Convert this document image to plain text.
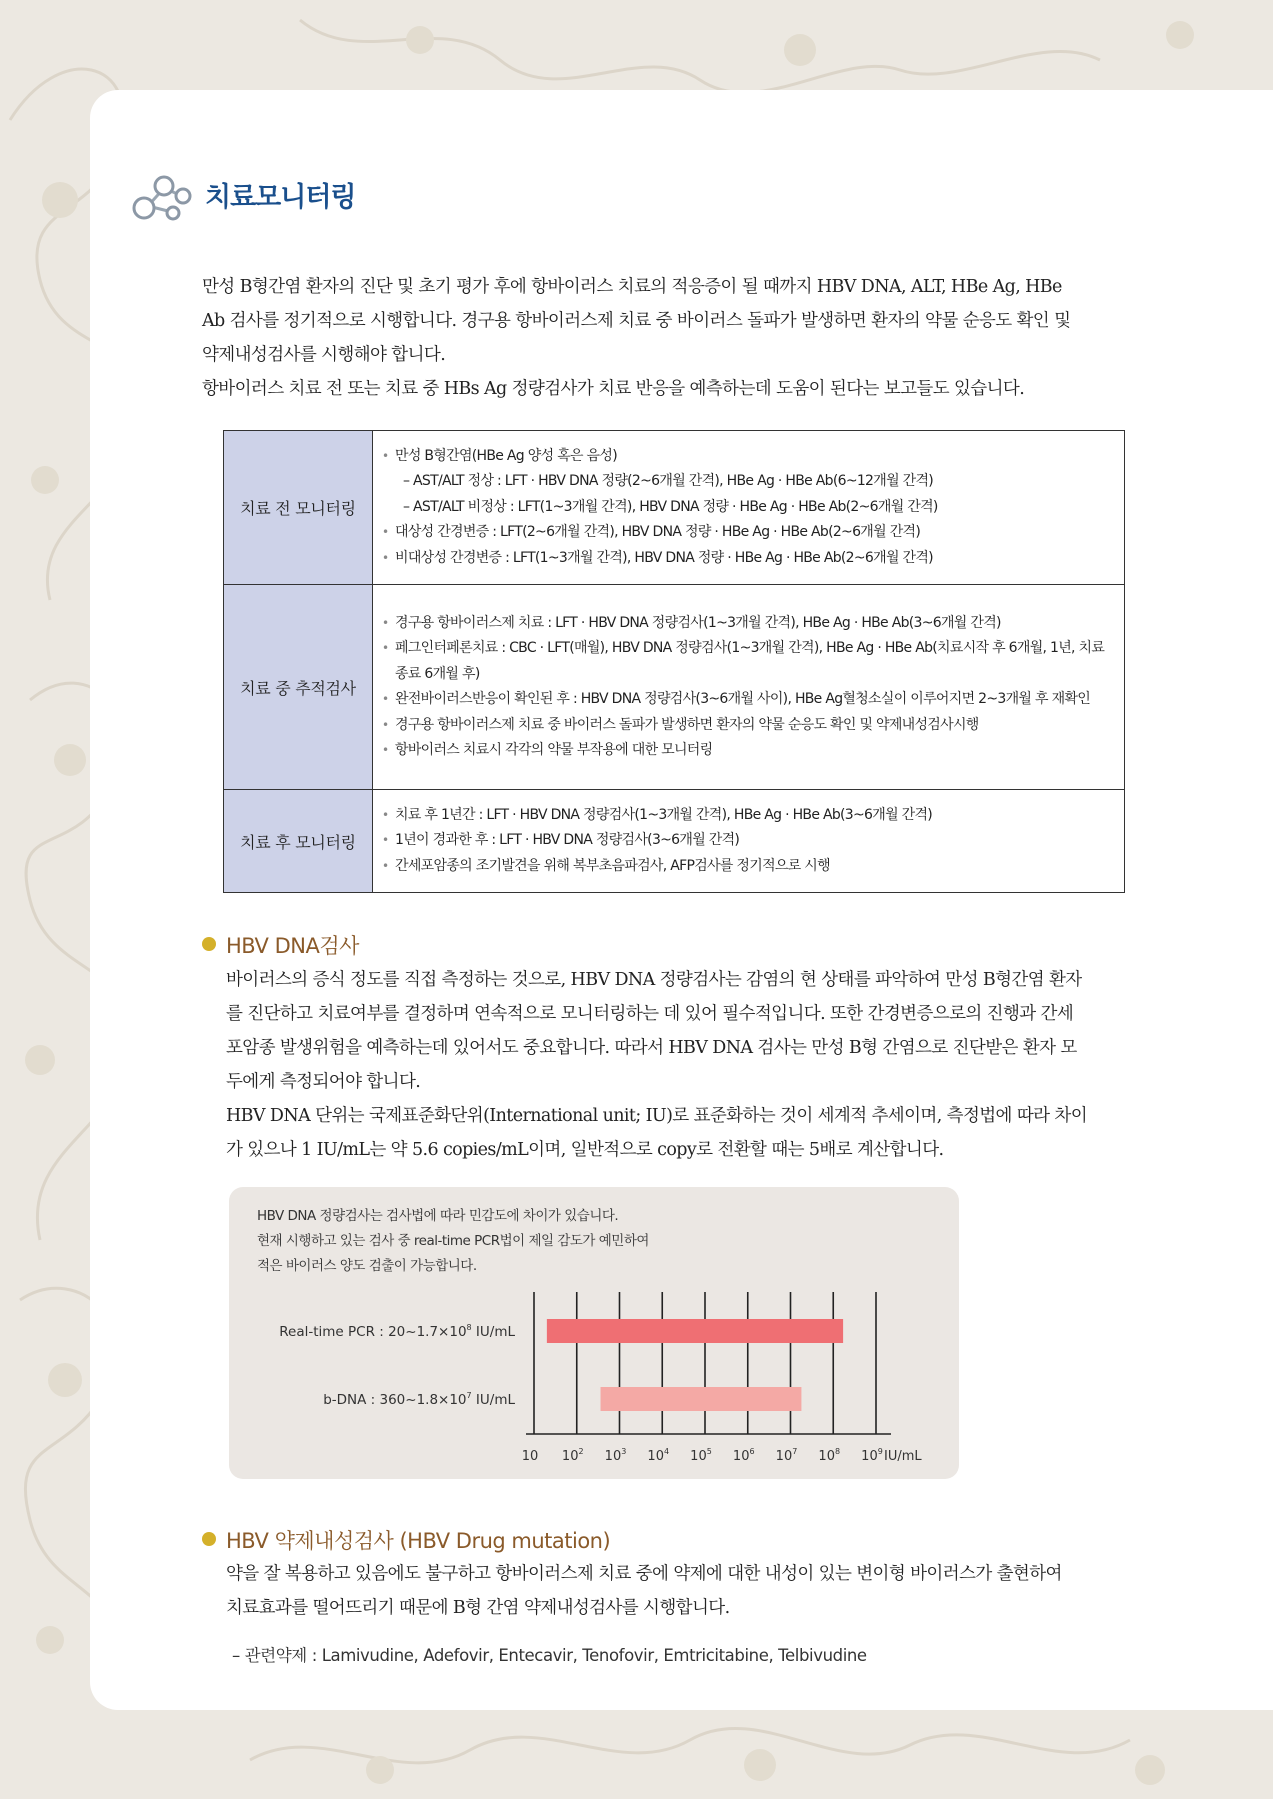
치료모니터링

만성 B형간염 환자의 진단 및 초기 평가 후에 항바이러스 치료의 적응증이 될 때까지 HBV DNA, ALT, HBe Ag, HBe

Ab 검사를 정기적으로 시행합니다. 경구용 항바이러스제 치료 중 바이러스 돌파가 발생하면 환자의 약물 순응도 확인 및

약제내성검사를 시행해야 합니다.

항바이러스 치료 전 또는 치료 중 HBs Ag 정량검사가 치료 반응을 예측하는데 도움이 된다는 보고들도 있습니다.

치료 전 모니터링	• 만성 B형간염(HBe Ag 양성 혹은 음성)
– AST/ALT 정상 : LFT · HBV DNA 정량(2~6개월 간격), HBe Ag · HBe Ab(6~12개월 간격)
– AST/ALT 비정상 : LFT(1~3개월 간격), HBV DNA 정량 · HBe Ag · HBe Ab(2~6개월 간격)
• 대상성 간경변증 : LFT(2~6개월 간격), HBV DNA 정량 · HBe Ag · HBe Ab(2~6개월 간격)
• 비대상성 간경변증 : LFT(1~3개월 간격), HBV DNA 정량 · HBe Ag · HBe Ab(2~6개월 간격)

치료 중 추적검사	• 경구용 항바이러스제 치료 : LFT · HBV DNA 정량검사(1~3개월 간격), HBe Ag · HBe Ab(3~6개월 간격)
• 페그인터페론치료 : CBC · LFT(매월), HBV DNA 정량검사(1~3개월 간격), HBe Ag · HBe Ab(치료시작 후 6개월, 1년, 치료 종료 6개월 후)
• 완전바이러스반응이 확인된 후 : HBV DNA 정량검사(3~6개월 사이), HBe Ag혈청소실이 이루어지면 2~3개월 후 재확인
• 경구용 항바이러스제 치료 중 바이러스 돌파가 발생하면 환자의 약물 순응도 확인 및 약제내성검사시행
• 항바이러스 치료시 각각의 약물 부작용에 대한 모니터링

치료 후 모니터링	• 치료 후 1년간 : LFT · HBV DNA 정량검사(1~3개월 간격), HBe Ag · HBe Ab(3~6개월 간격)
• 1년이 경과한 후 : LFT · HBV DNA 정량검사(3~6개월 간격)
• 간세포암종의 조기발견을 위해 복부초음파검사, AFP검사를 정기적으로 시행
HBV DNA검사

바이러스의 증식 정도를 직접 측정하는 것으로, HBV DNA 정량검사는 감염의 현 상태를 파악하여 만성 B형간염 환자

를 진단하고 치료여부를 결정하며 연속적으로 모니터링하는 데 있어 필수적입니다. 또한 간경변증으로의 진행과 간세

포암종 발생위험을 예측하는데 있어서도 중요합니다. 따라서 HBV DNA 검사는 만성 B형 간염으로 진단받은 환자 모

두에게 측정되어야 합니다.

HBV DNA 단위는 국제표준화단위(International unit; IU)로 표준화하는 것이 세계적 추세이며, 측정법에 따라 차이

가 있으나 1 IU/mL는 약 5.6 copies/mL이며, 일반적으로 copy로 전환할 때는 5배로 계산합니다.

HBV DNA 정량검사는 검사법에 따라 민감도에 차이가 있습니다.

현재 시행하고 있는 검사 중 real-time PCR법이 제일 감도가 예민하여

적은 바이러스 양도 검출이 가능합니다.

10 $10^2$ $10^3$ $10^4$ $10^5$ $10^6$ $10^7$ $10^8$ $10^9$ IU/mL
Real-time PCR : $20\sim 1.7\times 10^8$ IU/mL
b-DNA : $360\sim 1.8\times 10^7$ IU/mL
HBV 약제내성검사 (HBV Drug mutation)

약을 잘 복용하고 있음에도 불구하고 항바이러스제 치료 중에 약제에 대한 내성이 있는 변이형 바이러스가 출현하여

치료효과를 떨어뜨리기 때문에 B형 간염 약제내성검사를 시행합니다.

– 관련약제 : Lamivudine, Adefovir, Entecavir, Tenofovir, Emtricitabine, Telbivudine
